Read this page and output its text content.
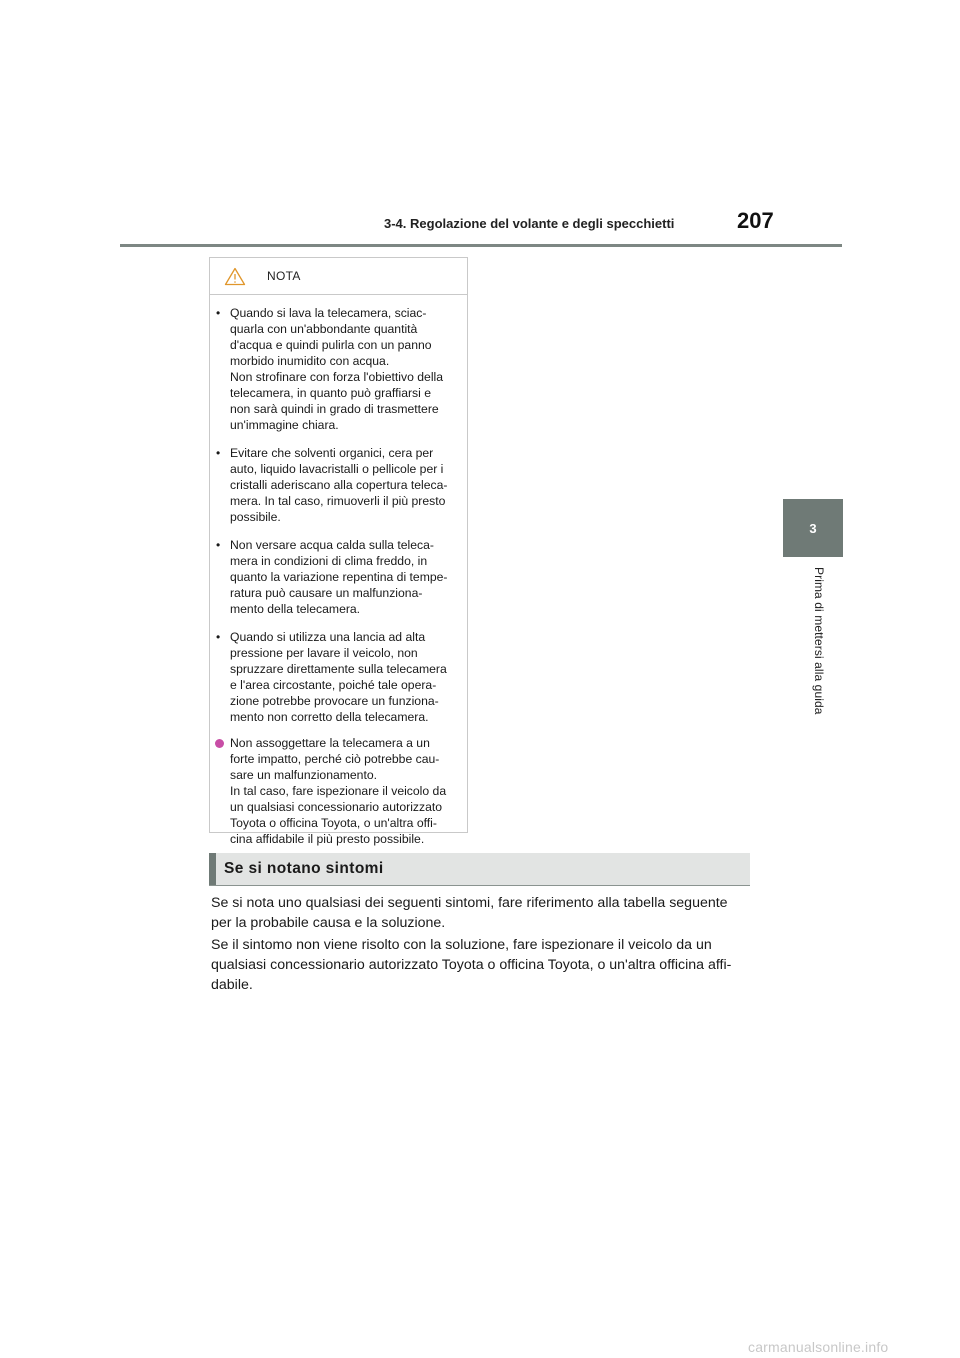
3-4. Regolazione del volante e degli specchietti	207
3
Prima di mettersi alla guida
NOTA
• Quando si lava la telecamera, sciac-
quarla con un'abbondante quantità
d'acqua e quindi pulirla con un panno
morbido inumidito con acqua.
Non strofinare con forza l'obiettivo della
telecamera, in quanto può graffiarsi e
non sarà quindi in grado di trasmettere
un'immagine chiara.
• Evitare che solventi organici, cera per
auto, liquido lavacristalli o pellicole per i
cristalli aderiscano alla copertura teleca-
mera. In tal caso, rimuoverli il più presto
possibile.
• Non versare acqua calda sulla teleca-
mera in condizioni di clima freddo, in
quanto la variazione repentina di tempe-
ratura può causare un malfunziona-
mento della telecamera.
• Quando si utilizza una lancia ad alta
pressione per lavare il veicolo, non
spruzzare direttamente sulla telecamera
e l'area circostante, poiché tale opera-
zione potrebbe provocare un funziona-
mento non corretto della telecamera.
Non assoggettare la telecamera a un
forte impatto, perché ciò potrebbe cau-
sare un malfunzionamento.
In tal caso, fare ispezionare il veicolo da
un qualsiasi concessionario autorizzato
Toyota o officina Toyota, o un'altra offi-
cina affidabile il più presto possibile.
Se si notano sintomi
Se si nota uno qualsiasi dei seguenti sintomi, fare riferimento alla tabella seguente
per la probabile causa e la soluzione.
Se il sintomo non viene risolto con la soluzione, fare ispezionare il veicolo da un
qualsiasi concessionario autorizzato Toyota o officina Toyota, o un'altra officina affi-
dabile.
carmanualsonline.info
